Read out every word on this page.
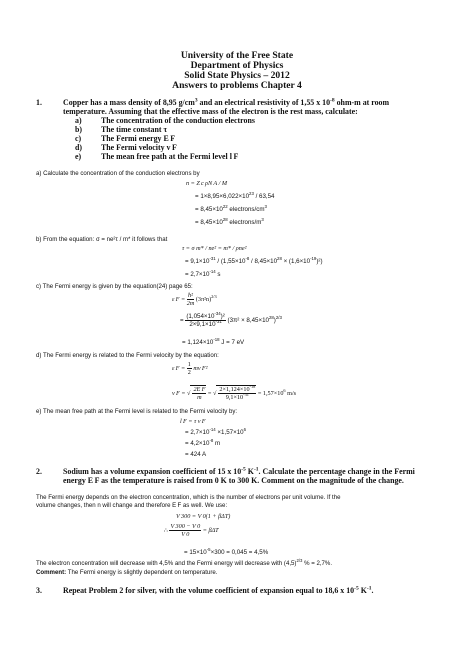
University of the Free State
Department of Physics
Solid State Physics – 2012
Answers to problems Chapter 4
1.	Copper has a mass density of 8,95 $g/cm^3$ and an electrical resistivity of 1,55 x $10^{-8}$ ohm-m at room
temperature. Assuming that the effective mass of the electron is the rest mass, calculate:
a) The concentration of the conduction electrons
b) The time constant τ
c)	The Fermi energy E F
d) The Fermi velocity v F
e)	The mean free path at the Fermi level l F
a) Calculate the concentration of the conduction electrons by
n = Z c ρN A / M
= $1\times 8,95\times 6,022\times 10^{23} / 63,54$
= $8,45\times 10^{22}$ electrons/$cm^3$
= $8,45\times 10^{28}$ electrons/$m^3$
b) From the equation: σ = ne²τ / m* it follows that
τ = σ m* / ne² = m* / ρne²
= $9,1\times 10^{-31} / (1,55\times 10^{-8} / 8,45\times 10^{28} \times (1,6\times 10^{-19})^2)$
= $2,7\times 10^{-14}$ s
c) The Fermi energy is given by the equation(24) page 65:
ε $F = \frac{\text{ħ²}}{2m} (3\pi^2n)^{2/3}$
= $\frac{(1,054\times 10^{-34})^2}{2\times 9,1\times 10^{-31}} (3\pi^2 \times 8,45\times 10^{28})^{2/3}$
= $1,124\times 10^{-18}$ J = 7 eV
d) The Fermi energy is related to the Fermi velocity by the equation:
ε $F = \frac{1}{2}$ mv F²
v F = √ $\frac{\text{2E F}}{m}$ = √ $\frac{2\times 1,124\times 10^{-18}}{9,1\times 10^{-31}} = 1,57\times 10^6$ m/s
e) The mean free path at the Fermi level is related to the Fermi velocity by:
l F = τ v F
= $2,7\times 10^{-14} \times 1,57\times 10^6$
= $4,2\times 10^{-8}$ m
= 424 A
2.	Sodium has a volume expansion coefficient of 15 x $10^{-5}$ $K^{-1}$. Calculate the percentage change in the Fermi
energy E F as the temperature is raised from 0 K to 300 K. Comment on the magnitude of the change.
The Fermi energy depends on the electron concentration, which is the number of electrons per unit volume. If the
volume changes, then n will change and therefore E F as well. We use:
V 300 = V 0(1 + βΔT)
∴ $\frac{V 300 - V 0}{V 0} = \beta\Delta T$
= $15\times 10^{-5}\times 300 = 0,045 = 4,5\%$
The electron concentration will decrease with 4,5% and the Fermi energy will decrease with $(4,5)^{2/3}$ % = 2,7%.
Comment: The Fermi energy is slightly dependent on temperature.
3.	Repeat Problem 2 for silver, with the volume coefficient of expansion equal to 18,6 x $10^{-5}$ $K^{-1}$.
